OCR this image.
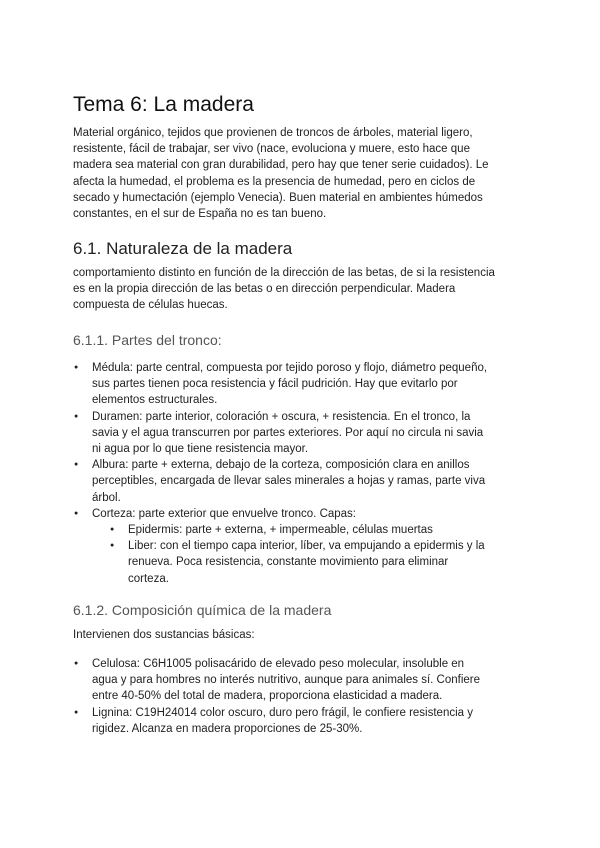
Tema 6: La madera

Material orgánico, tejidos que provienen de troncos de árboles, material ligero,
resistente, fácil de trabajar, ser vivo (nace, evoluciona y muere, esto hace que
madera sea material con gran durabilidad, pero hay que tener serie cuidados). Le
afecta la humedad, el problema es la presencia de humedad, pero en ciclos de
secado y humectación (ejemplo Venecia). Buen material en ambientes húmedos
constantes, en el sur de España no es tan bueno.

6.1. Naturaleza de la madera

comportamiento distinto en función de la dirección de las betas, de si la resistencia
es en la propia dirección de las betas o en dirección perpendicular. Madera
compuesta de células huecas.

6.1.1. Partes del tronco:
● Médula: parte central, compuesta por tejido poroso y flojo, diámetro pequeño,
sus partes tienen poca resistencia y fácil pudrición. Hay que evitarlo por
elementos estructurales.
● Duramen: parte interior, coloración + oscura, + resistencia. En el tronco, la
savia y el agua transcurren por partes exteriores. Por aquí no circula ni savia
ni agua por lo que tiene resistencia mayor.
● Albura: parte + externa, debajo de la corteza, composición clara en anillos
perceptibles, encargada de llevar sales minerales a hojas y ramas, parte viva
árbol.
● Corteza: parte exterior que envuelve tronco. Capas:
● Epidermis: parte + externa, + impermeable, células muertas
● Liber: con el tiempo capa interior, líber, va empujando a epidermis y la
renueva. Poca resistencia, constante movimiento para eliminar
corteza.
6.1.2. Composición química de la madera

Intervienen dos sustancias básicas:

● Celulosa: C6H1005 polisacárido de elevado peso molecular, insoluble en
agua y para hombres no interés nutritivo, aunque para animales sí. Confiere
entre 40-50% del total de madera, proporciona elasticidad a madera.
● Lignina: C19H24014 color oscuro, duro pero frágil, le confiere resistencia y
rigidez. Alcanza en madera proporciones de 25-30%.
